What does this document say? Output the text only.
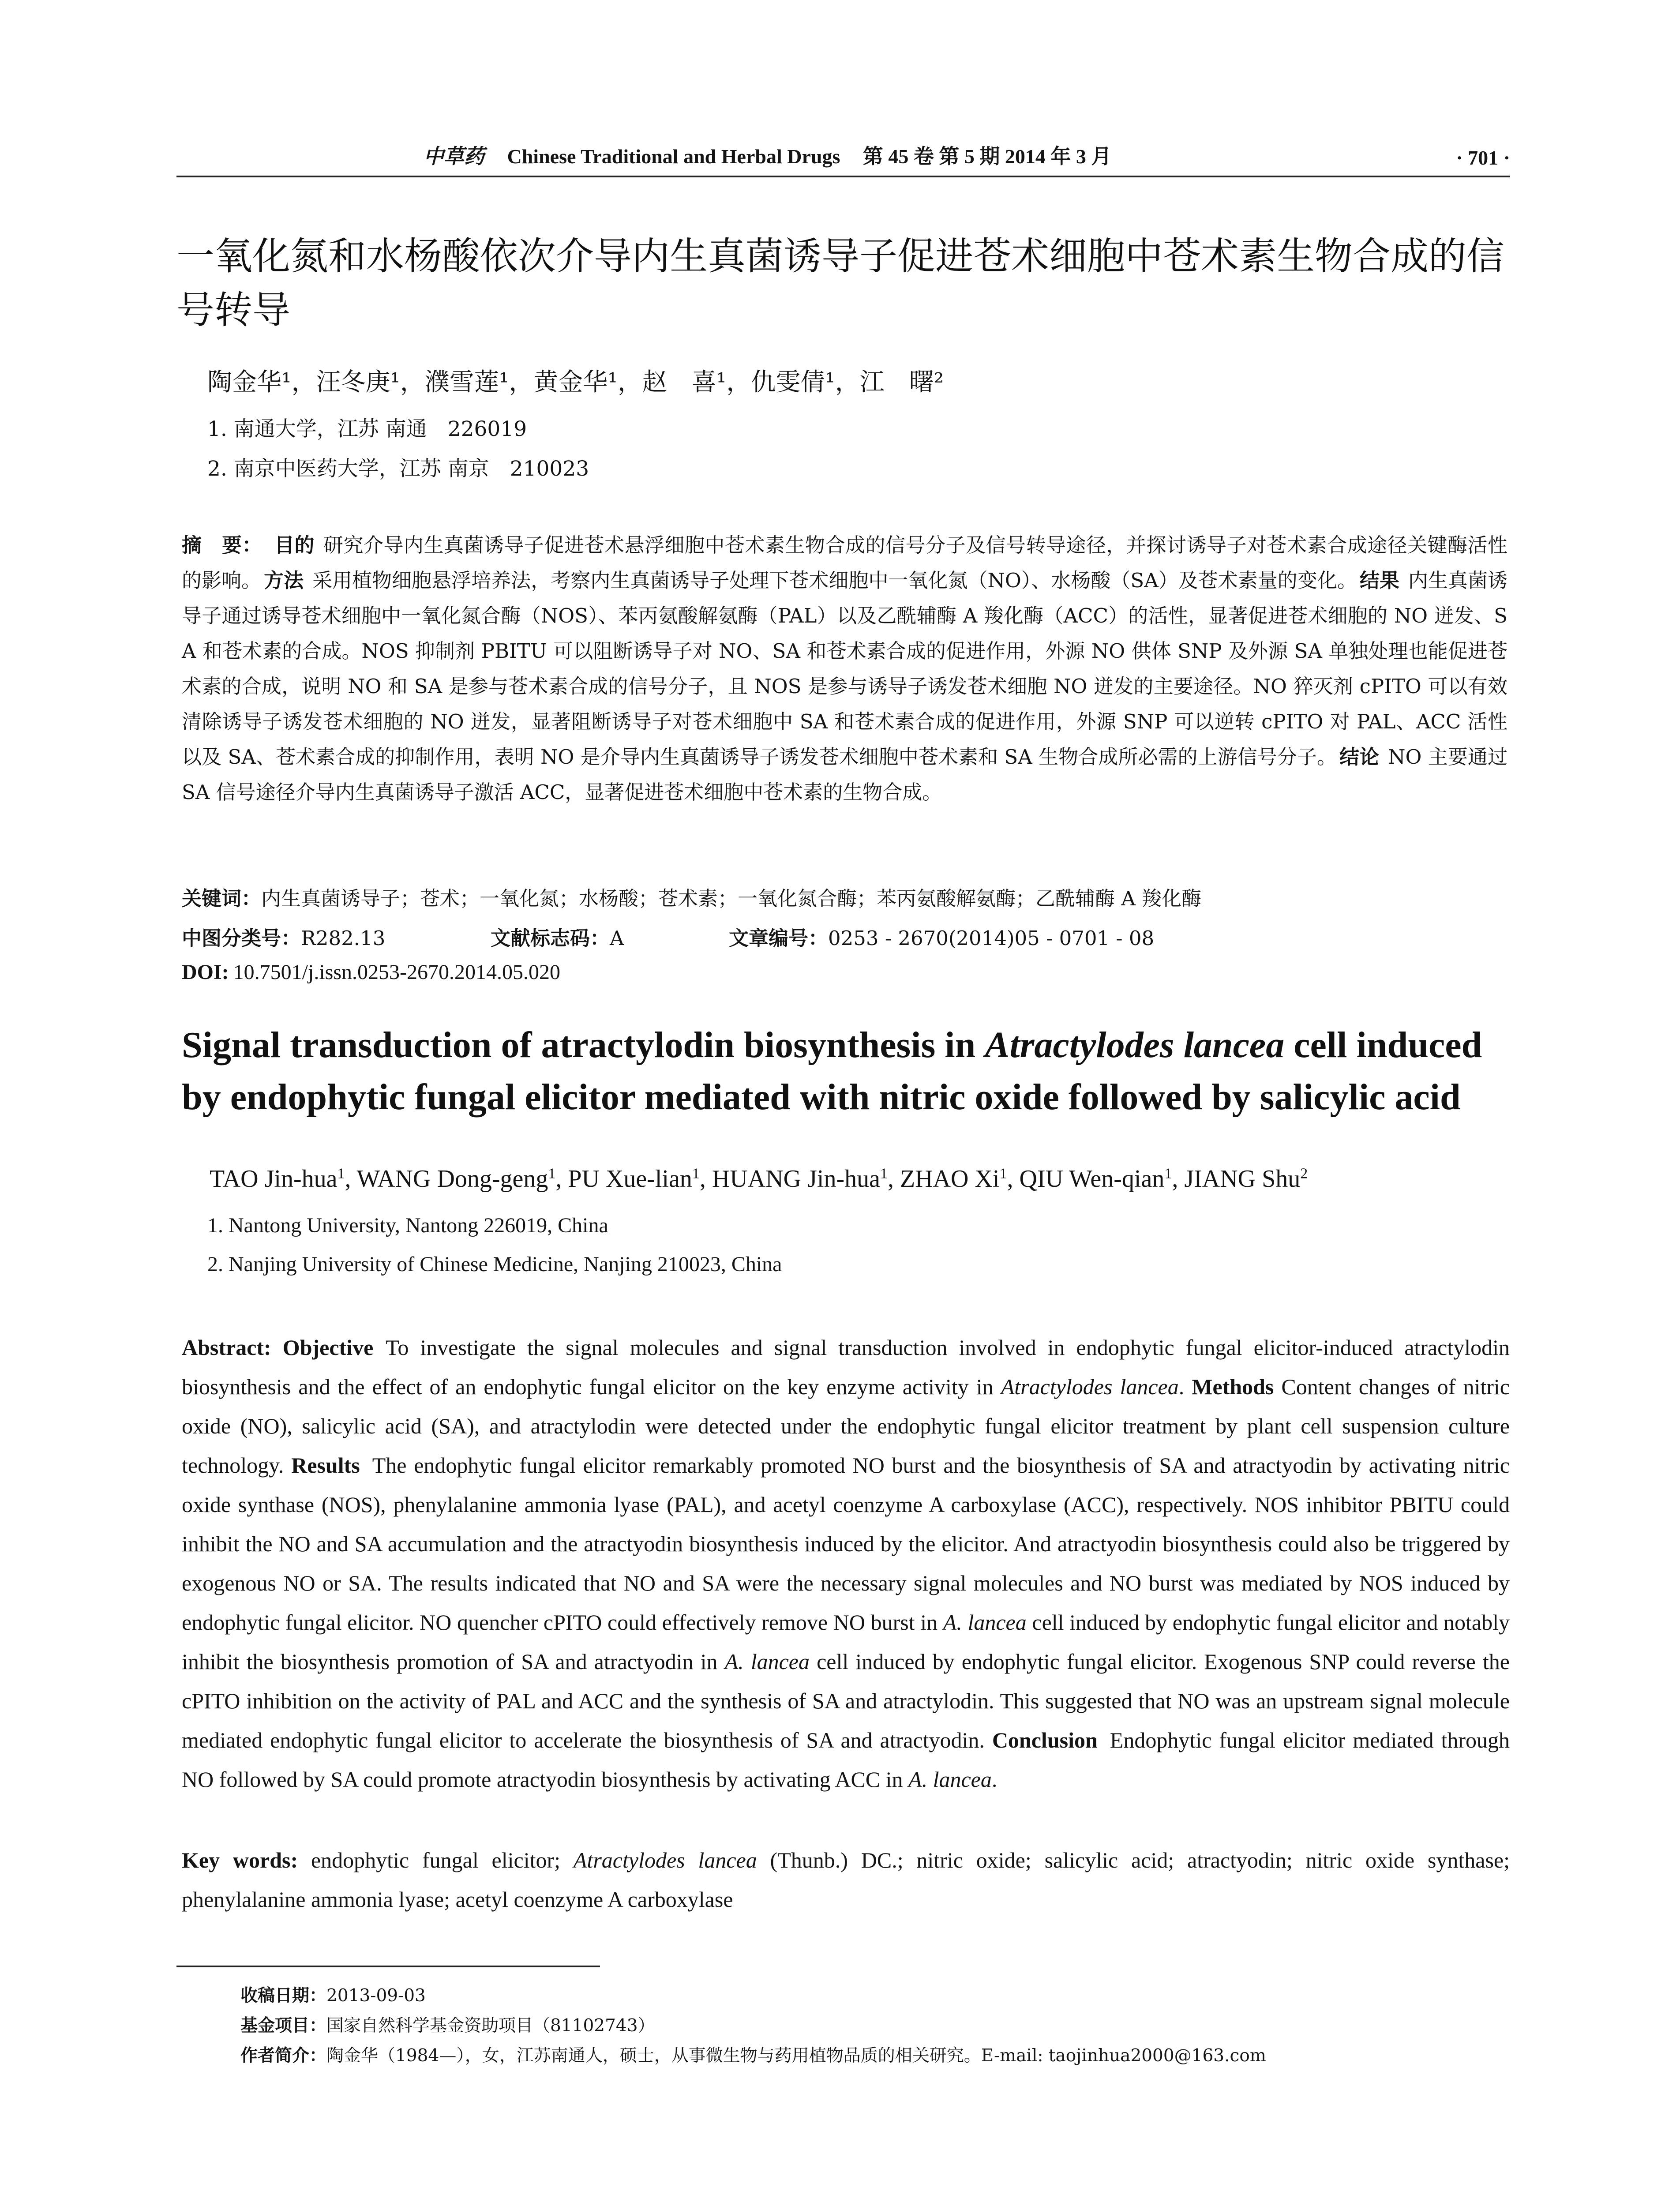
中草药 Chinese Traditional and Herbal Drugs 第 45 卷 第 5 期 2014 年 3 月	· 701 ·
一氧化氮和水杨酸依次介导内生真菌诱导子促进苍术细胞中苍术素生物合成的信号转导
陶金华¹，汪冬庚¹，濮雪莲¹，黄金华¹，赵　喜¹，仇雯倩¹，江　曙²
1. 南通大学，江苏 南通　226019
2. 南京中医药大学，江苏 南京　210023
摘　要： 目的 研究介导内生真菌诱导子促进苍术悬浮细胞中苍术素生物合成的信号分子及信号转导途径，并探讨诱导子对苍术素合成途径关键酶活性的影响。 方法 采用植物细胞悬浮培养法，考察内生真菌诱导子处理下苍术细胞中一氧化氮（NO）、水杨酸（SA）及苍术素量的变化。 结果 内生真菌诱导子通过诱导苍术细胞中一氧化氮合酶（NOS）、苯丙氨酸解氨酶（PAL）以及乙酰辅酶 A 羧化酶（ACC）的活性，显著促进苍术细胞的 NO 迸发、SA 和苍术素的合成。NOS 抑制剂 PBITU 可以阻断诱导子对 NO、SA 和苍术素合成的促进作用，外源 NO 供体 SNP 及外源 SA 单独处理也能促进苍术素的合成，说明 NO 和 SA 是参与苍术素合成的信号分子，且 NOS 是参与诱导子诱发苍术细胞 NO 迸发的主要途径。NO 猝灭剂 cPITO 可以有效清除诱导子诱发苍术细胞的 NO 迸发，显著阻断诱导子对苍术细胞中 SA 和苍术素合成的促进作用，外源 SNP 可以逆转 cPITO 对 PAL、ACC 活性以及 SA、苍术素合成的抑制作用，表明 NO 是介导内生真菌诱导子诱发苍术细胞中苍术素和 SA 生物合成所必需的上游信号分子。 结论 NO 主要通过 SA 信号途径介导内生真菌诱导子激活 ACC，显著促进苍术细胞中苍术素的生物合成。
关键词：内生真菌诱导子；苍术；一氧化氮；水杨酸；苍术素；一氧化氮合酶；苯丙氨酸解氨酶；乙酰辅酶 A 羧化酶
中图分类号：R282.13	文献标志码：A	文章编号：0253 - 2670(2014)05 - 0701 - 08
DOI: 10.7501/j.issn.0253-2670.2014.05.020
Signal transduction of atractylodin biosynthesis in Atractylodes lancea cell induced by endophytic fungal elicitor mediated with nitric oxide followed by salicylic acid
TAO Jin-hua$^1$, WANG Dong-geng$^1$, PU Xue-lian$^1$, HUANG Jin-hua$^1$, ZHAO Xi$^1$, QIU Wen-qian$^1$, JIANG Shu$^2$
1. Nantong University, Nantong 226019, China
2. Nanjing University of Chinese Medicine, Nanjing 210023, China
Abstract: Objective To investigate the signal molecules and signal transduction involved in endophytic fungal elicitor-induced atractylodin biosynthesis and the effect of an endophytic fungal elicitor on the key enzyme activity in Atractylodes lancea. Methods Content changes of nitric oxide (NO), salicylic acid (SA), and atractylodin were detected under the endophytic fungal elicitor treatment by plant cell suspension culture technology. Results The endophytic fungal elicitor remarkably promoted NO burst and the biosynthesis of SA and atractyodin by activating nitric oxide synthase (NOS), phenylalanine ammonia lyase (PAL), and acetyl coenzyme A carboxylase (ACC), respectively. NOS inhibitor PBITU could inhibit the NO and SA accumulation and the atractyodin biosynthesis induced by the elicitor. And atractyodin biosynthesis could also be triggered by exogenous NO or SA. The results indicated that NO and SA were the necessary signal molecules and NO burst was mediated by NOS induced by endophytic fungal elicitor. NO quencher cPITO could effectively remove NO burst in A. lancea cell induced by endophytic fungal elicitor and notably inhibit the biosynthesis promotion of SA and atractyodin in A. lancea cell induced by endophytic fungal elicitor. Exogenous SNP could reverse the cPITO inhibition on the activity of PAL and ACC and the synthesis of SA and atractylodin. This suggested that NO was an upstream signal molecule mediated endophytic fungal elicitor to accelerate the biosynthesis of SA and atractyodin. Conclusion Endophytic fungal elicitor mediated through NO followed by SA could promote atractyodin biosynthesis by activating ACC in A. lancea.
Key words: endophytic fungal elicitor; Atractylodes lancea (Thunb.) DC.; nitric oxide; salicylic acid; atractyodin; nitric oxide synthase; phenylalanine ammonia lyase; acetyl coenzyme A carboxylase
收稿日期：2013-09-03
基金项目：国家自然科学基金资助项目（81102743）
作者简介：陶金华（1984—），女，江苏南通人，硕士，从事微生物与药用植物品质的相关研究。E-mail: taojinhua2000@163.com
